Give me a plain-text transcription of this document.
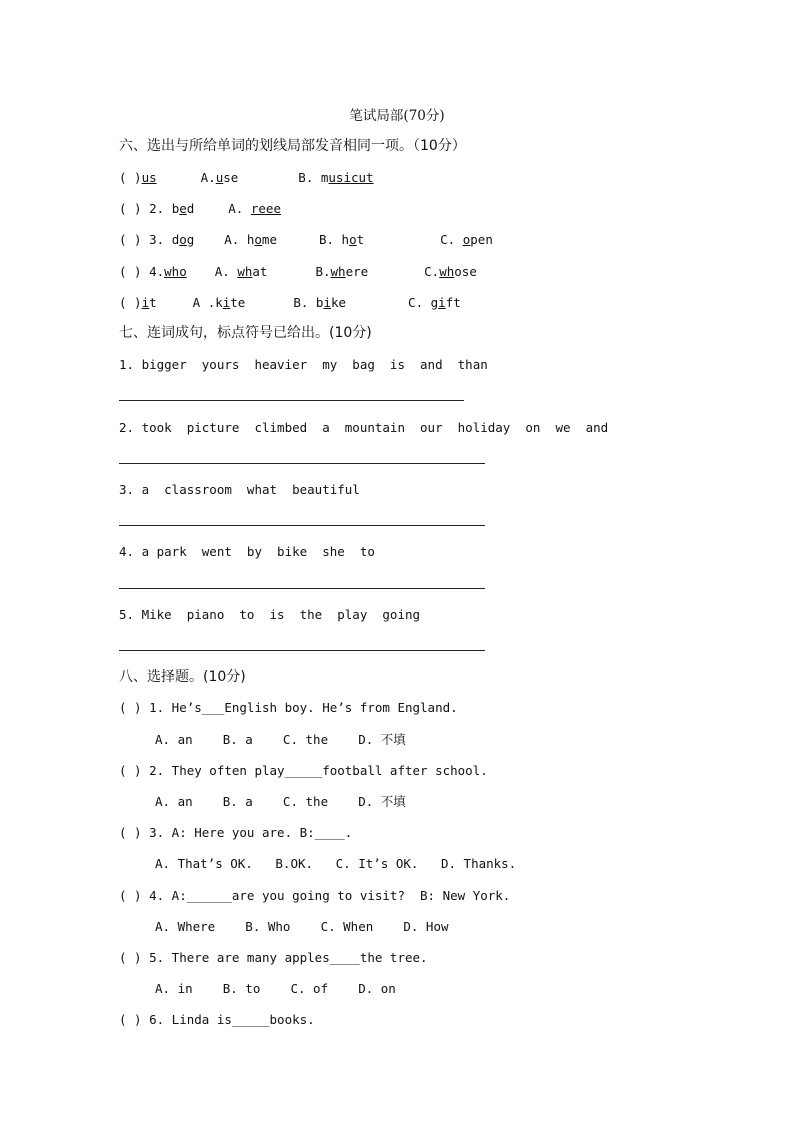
笔试局部(70分)
六、选出与所给单词的划线局部发音相同一项。（10分）
( )us	A.use	B. musicut
( ) 2. bed	A. reee
( ) 3. dog A. home	B. hot	C. open
( ) 4.who A. what	B.where	C.whose
( )it	A .kite	B. bike	C. gift
七、连词成句，标点符号已给出。(10分)
1. bigger  yours  heavier  my  bag  is  and  than
2. took  picture  climbed  a  mountain  our  holiday  on  we  and
3. a  classroom  what  beautiful
4. a park  went  by  bike  she  to
5. Mike  piano  to  is  the  play  going
八、选择题。(10分)
( ) 1. He’s___English boy. He’s from England.
A. an    B. a    C. the    D. 不填
( ) 2. They often play_____football after school.
A. an    B. a    C. the    D. 不填
( ) 3. A: Here you are. B:____.
A. That’s OK.   B.OK.   C. It’s OK.   D. Thanks.
( ) 4. A:______are you going to visit?  B: New York.
A. Where    B. Who    C. When    D. How
( ) 5. There are many apples____the tree.
A. in    B. to    C. of    D. on
( ) 6. Linda is_____books.
